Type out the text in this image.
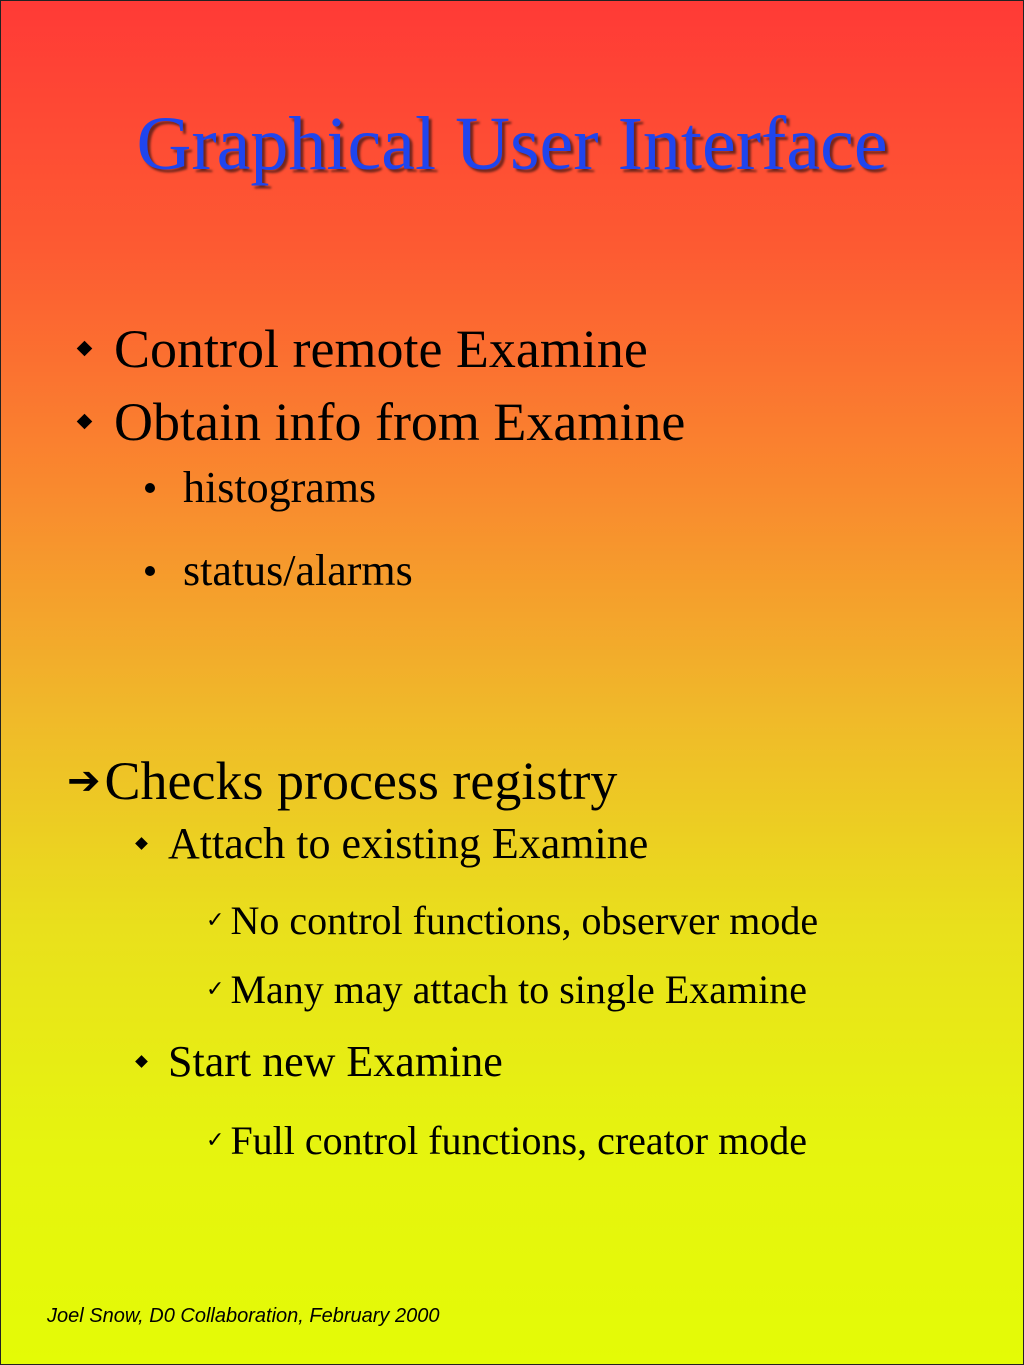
Graphical User Interface
Control remote Examine
Obtain info from Examine
histograms
status/alarms
➔Checks process registry
Attach to existing Examine
✓ No control functions, observer mode
✓ Many may attach to single Examine
Start new Examine
✓ Full control functions, creator mode
Joel Snow, D0 Collaboration, February 2000
